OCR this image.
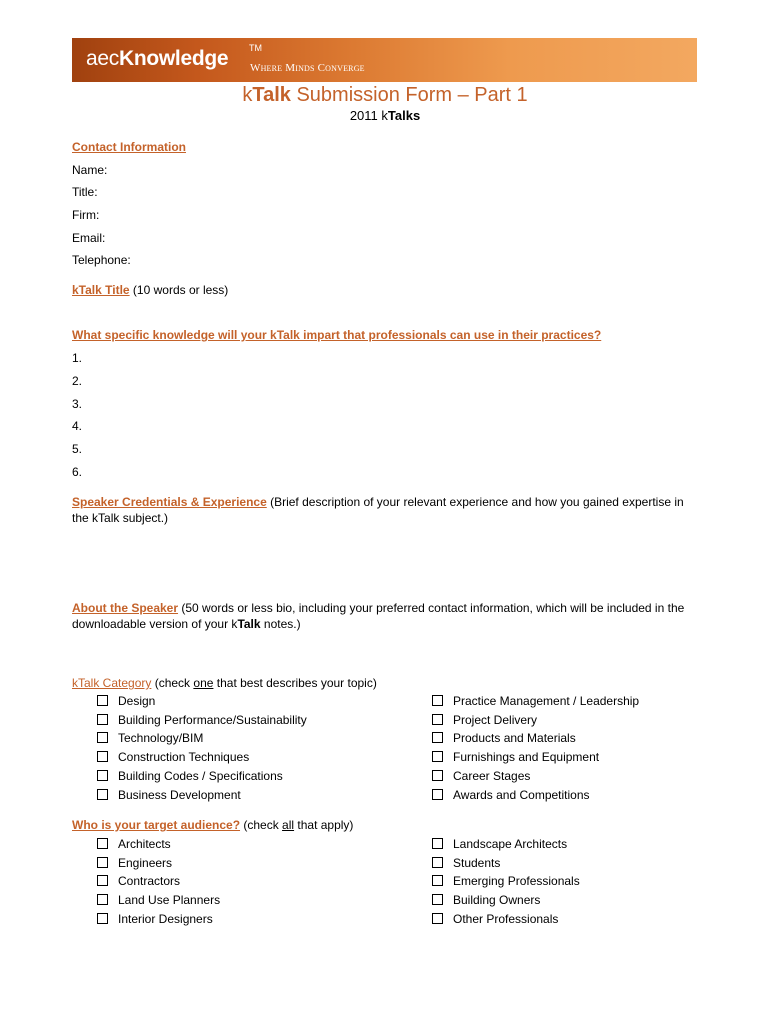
aecKnowledge TM
Where Minds Converge
kTalk Submission Form – Part 1
2011 kTalks
Contact Information
Name:
Title:
Firm:
Email:
Telephone:
kTalk Title (10 words or less)
What specific knowledge will your kTalk impart that professionals can use in their practices?
1.
2.
3.
4.
5.
6.
Speaker Credentials & Experience (Brief description of your relevant experience and how you gained expertise in the kTalk subject.)
About the Speaker (50 words or less bio, including your preferred contact information, which will be included in the downloadable version of your kTalk notes.)
kTalk Category (check one that best describes your topic)
Design
Building Performance/Sustainability
Technology/BIM
Construction Techniques
Building Codes / Specifications
Business Development
Practice Management / Leadership
Project Delivery
Products and Materials
Furnishings and Equipment
Career Stages
Awards and Competitions
Who is your target audience? (check all that apply)
Architects
Engineers
Contractors
Land Use Planners
Interior Designers
Landscape Architects
Students
Emerging Professionals
Building Owners
Other Professionals
